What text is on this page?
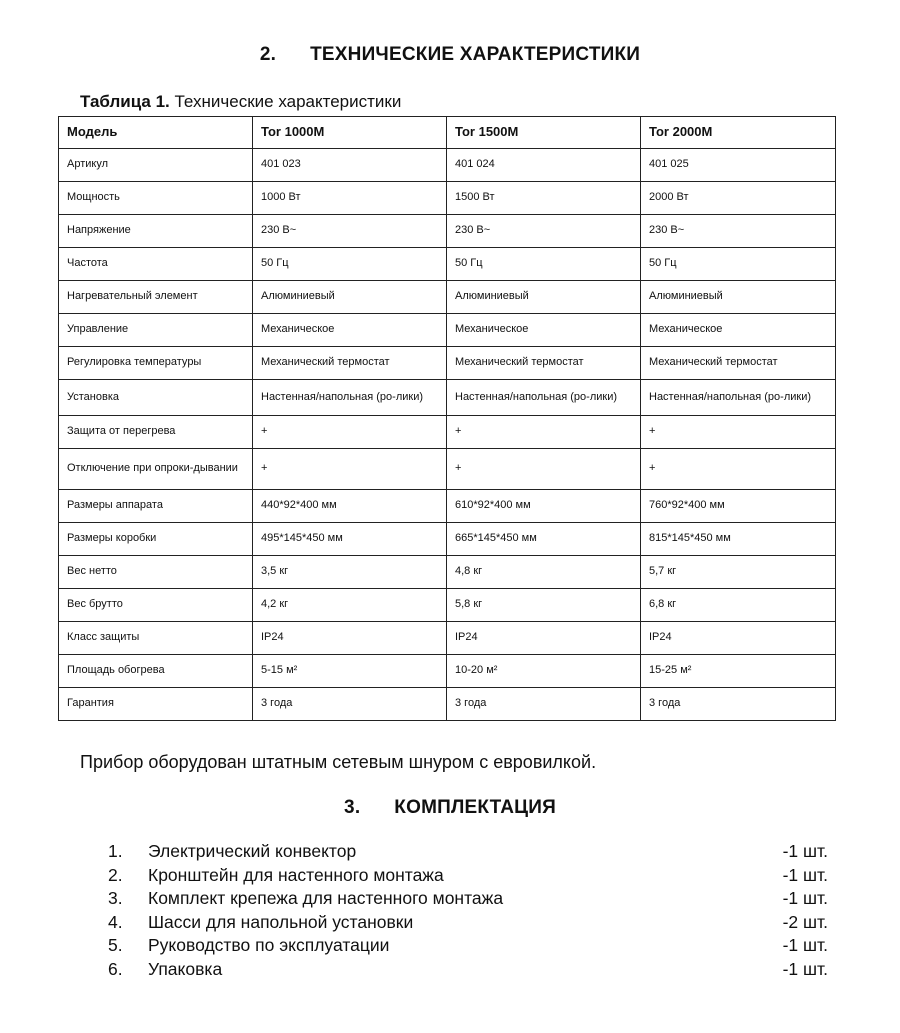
2. ТЕХНИЧЕСКИЕ ХАРАКТЕРИСТИКИ
Таблица 1. Технические характеристики
Модель	Tor 1000M	Tor 1500M	Tor 2000M
Артикул	401 023	401 024	401 025
Мощность	1000 Вт	1500 Вт	2000 Вт
Напряжение	230 В~	230 В~	230 В~
Частота	50 Гц	50 Гц	50 Гц
Нагревательный элемент	Алюминиевый	Алюминиевый	Алюминиевый
Управление	Механическое	Механическое	Механическое
Регулировка температуры	Механический термостат	Механический термостат	Механический термостат
Установка	Настенная/напольная (ро-лики)	Настенная/напольная (ро-лики)	Настенная/напольная (ро-лики)
Защита от перегрева	+	+	+
Отключение при опроки-дывании	+	+	+
Размеры аппарата	440*92*400 мм	610*92*400 мм	760*92*400 мм
Размеры коробки	495*145*450 мм	665*145*450 мм	815*145*450 мм
Вес нетто	3,5 кг	4,8 кг	5,7 кг
Вес брутто	4,2 кг	5,8 кг	6,8 кг
Класс защиты	IP24	IP24	IP24
Площадь обогрева	5-15 м²	10-20 м²	15-25 м²
Гарантия	3 года	3 года	3 года
Прибор оборудован штатным сетевым шнуром с евровилкой.
3. КОМПЛЕКТАЦИЯ
1.	Электрический конвектор	-1 шт.
2.	Кронштейн для настенного монтажа	-1 шт.
3.	Комплект крепежа для настенного монтажа	-1 шт.
4.	Шасси для напольной установки	-2 шт.
5.	Руководство по эксплуатации	-1 шт.
6.	Упаковка	-1 шт.
